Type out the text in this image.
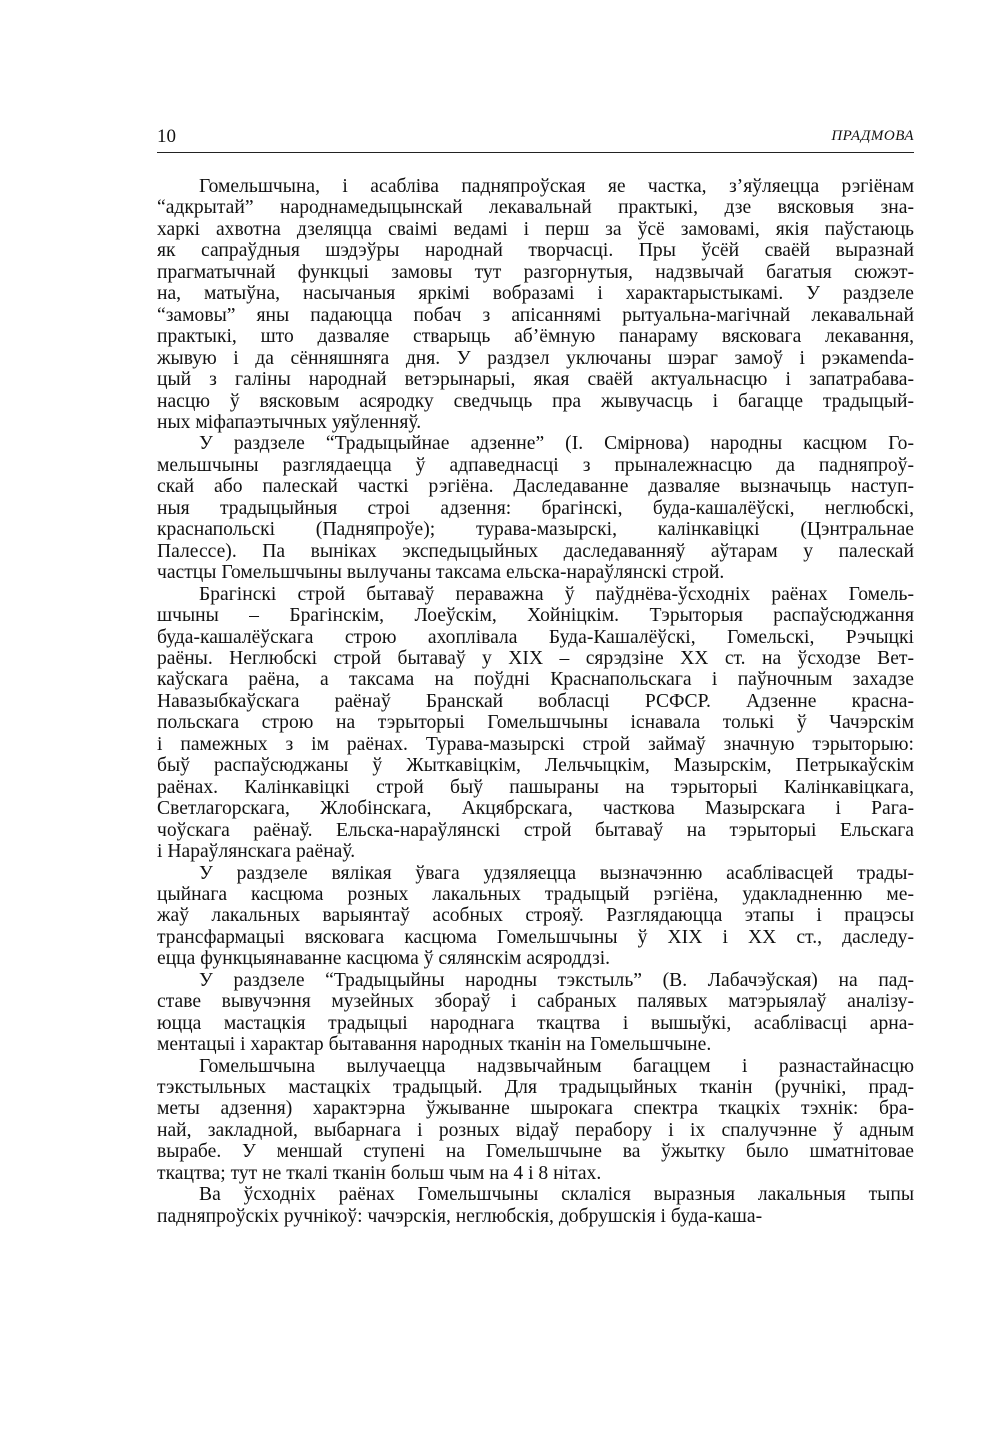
10	ПРАДМОВА

Гомельшчына, і асабліва падняпроўская яе частка, з’яўляецца рэгіёнам
“адкрытай” народнамедыцынскай лекавальнай практыкі, дзе вясковыя зна-
харкі ахвотна дзеляцца сваімі ведамі і перш за ўсё замовамі, якія паўстаюць
як сапраўдныя шэдэўры народнай творчасці. Пры ўсёй сваёй выразнай
прагматычнай функцыі замовы тут разгорнутыя, надзвычай багатыя сюжэт-
на, матыўна, насычаныя яркімі вобразамі і характарыстыкамі. У раздзеле
“замовы” яны падаюцца побач з апісаннямі рытуальна-магічнай лекавальнай
практыкі, што дазваляе стварыць аб’ёмную панараму вясковага лекавання,
жывую і да сённяшняга дня. У раздзел уключаны шэраг замоў і рэкамenda-
цый з галіны народнай ветэрынарыі, якая сваёй актуальнасцю і запатрабава-
насцю ў вясковым асяродку сведчыць пра жывучасць і багацце традыцый-
ных міфапаэтычных уяўленняў.

У раздзеле “Традыцыйнае адзенне” (І. Смірнова) народны касцюм Го-
мельшчыны разглядаецца ў адпаведнасці з прыналежнасцю да падняпроў-
скай або палескай часткі рэгіёна. Даследаванне дазваляе вызначыць наступ-
ныя традыцыйныя строі адзення: брагінскі, буда-кашалёўскі, неглюбскі,
краснапольскі (Падняпроўе); турава-мазырскі, калінкавіцкі (Цэнтральнае
Палессе). Па выніках экспедыцыйных даследаванняў аўтарам у палескай
частцы Гомельшчыны вылучаны таксама ельска-нараўлянскі строй.

Брагінскі строй бытаваў пераважна ў паўднёва-ўсходніх раёнах Гомель-
шчыны – Брагінскім, Лоеўскім, Хойніцкім. Тэрыторыя распаўсюджання
буда-кашалёўскага строю ахоплівала Буда-Кашалёўскі, Гомельскі, Рэчыцкі
раёны. Неглюбскі строй бытаваў у XIX – сярэдзіне XX ст. на ўсходзе Вет-
каўскага раёна, а таксама на поўдні Краснапольскага і паўночным захадзе
Навазыбкаўскага раёнаў Бранскай вобласці РСФСР. Адзенне красна-
польскага строю на тэрыторыі Гомельшчыны існавала толькі ў Чачэрскім
і памежных з ім раёнах. Турава-мазырскі строй займаў значную тэрыторыю:
быў распаўсюджаны ў Жыткавіцкім, Лельчыцкім, Мазырскім, Петрыкаўскім
раёнах. Калінкавіцкі строй быў пашыраны на тэрыторыі Калінкавіцкага,
Светлагорскага, Жлобінскага, Акцябрскага, часткова Мазырскага і Рага-
чоўскага раёнаў. Ельска-нараўлянскі строй бытаваў на тэрыторыі Ельскага
і Нараўлянскага раёнаў.

У раздзеле вялікая ўвага удзяляецца вызначэнню асаблівасцей трады-
цыйнага касцюма розных лакальных традыцый рэгіёна, удакладненню ме-
жаў лакальных варыянтаў асобных строяў. Разглядаюцца этапы і працэсы
трансфармацыі вясковага касцюма Гомельшчыны ў XIX і XX ст., даследу-
ецца функцыянаванне касцюма ў сялянскім асяроддзі.

У раздзеле “Традыцыйны народны тэкстыль” (В. Лабачэўская) на пад-
ставе вывучэння музейных збораў і сабраных палявых матэрыялаў аналізу-
юцца мастацкія традыцыі народнага ткацтва і вышыўкі, асаблівасці арна-
ментацыі і характар бытавання народных тканін на Гомельшчыне.

Гомельшчына вылучаецца надзвычайным багаццем і разнастайнасцю
тэкстыльных мастацкіх традыцый. Для традыцыйных тканін (ручнікі, прад-
меты адзення) характэрна ўжыванне шырокага спектра ткацкіх тэхнік: бра-
най, закладной, выбарнага і розных відаў перабору і іх спалучэнне ў адным
вырабе. У меншай ступені на Гомельшчыне ва ўжытку было шматнітовае
ткацтва; тут не ткалі тканін больш чым на 4 і 8 нітах.

Ва ўсходніх раёнах Гомельшчыны склаліся выразныя лакальныя тыпы
падняпроўскіх ручнікоў: чачэрскія, неглюбскія, добрушскія і буда-каша-
